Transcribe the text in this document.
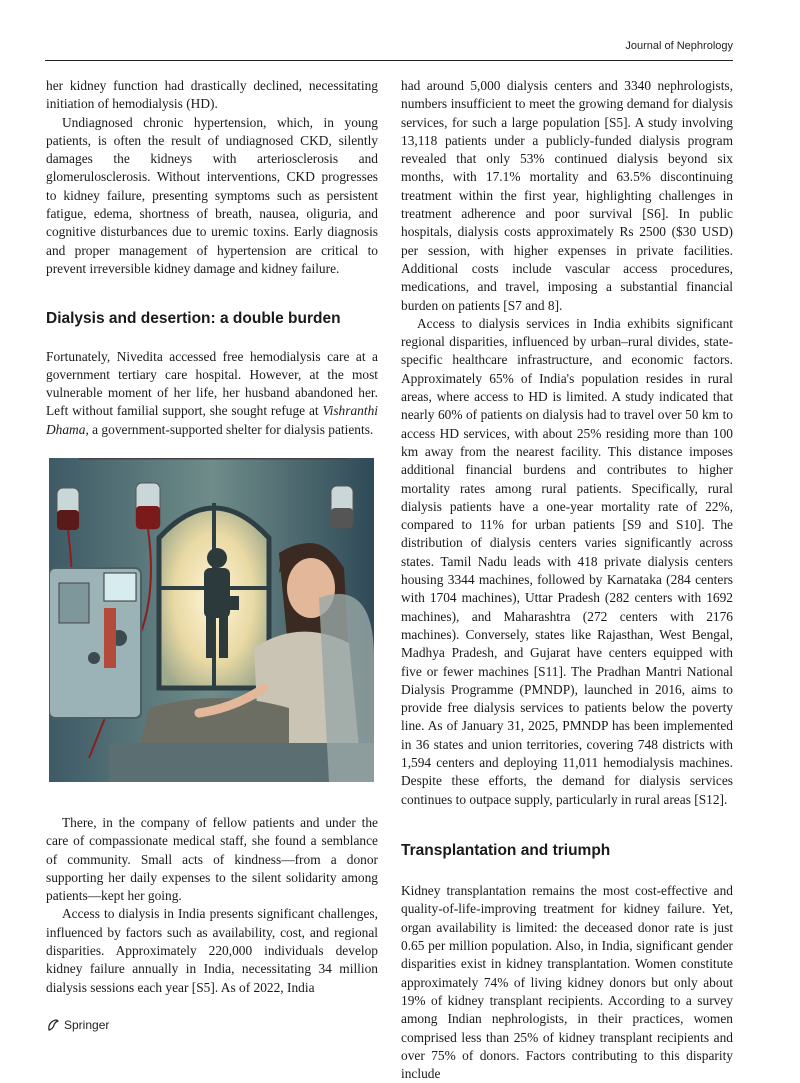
Journal of Nephrology

her kidney function had drastically declined, necessitating initiation of hemodialysis (HD).

Undiagnosed chronic hypertension, which, in young patients, is often the result of undiagnosed CKD, silently damages the kidneys with arteriosclerosis and glomerulosclerosis. Without interventions, CKD progresses to kidney failure, presenting symptoms such as persistent fatigue, edema, shortness of breath, nausea, oliguria, and cognitive disturbances due to uremic toxins. Early diagnosis and proper management of hypertension are critical to prevent irreversible kidney damage and kidney failure.

Dialysis and desertion: a double burden

Fortunately, Nivedita accessed free hemodialysis care at a government tertiary care hospital. However, at the most vulnerable moment of her life, her husband abandoned her. Left without familial support, she sought refuge at Vishranthi Dhama, a government-supported shelter for dialysis patients.

There, in the company of fellow patients and under the care of compassionate medical staff, she found a semblance of community. Small acts of kindness—from a donor supporting her daily expenses to the silent solidarity among patients—kept her going.

Access to dialysis in India presents significant challenges, influenced by factors such as availability, cost, and regional disparities. Approximately 220,000 individuals develop kidney failure annually in India, necessitating 34 million dialysis sessions each year [S5]. As of 2022, India

had around 5,000 dialysis centers and 3340 nephrologists, numbers insufficient to meet the growing demand for dialysis services, for such a large population [S5]. A study involving 13,118 patients under a publicly-funded dialysis program revealed that only 53% continued dialysis beyond six months, with 17.1% mortality and 63.5% discontinuing treatment within the first year, highlighting challenges in treatment adherence and poor survival [S6]. In public hospitals, dialysis costs approximately Rs 2500 ($30 USD) per session, with higher expenses in private facilities. Additional costs include vascular access procedures, medications, and travel, imposing a substantial financial burden on patients [S7 and 8].

Access to dialysis services in India exhibits significant regional disparities, influenced by urban–rural divides, state-specific healthcare infrastructure, and economic factors. Approximately 65% of India's population resides in rural areas, where access to HD is limited. A study indicated that nearly 60% of patients on dialysis had to travel over 50 km to access HD services, with about 25% residing more than 100 km away from the nearest facility. This distance imposes additional financial burdens and contributes to higher mortality rates among rural patients. Specifically, rural dialysis patients have a one-year mortality rate of 22%, compared to 11% for urban patients [S9 and S10]. The distribution of dialysis centers varies significantly across states. Tamil Nadu leads with 418 private dialysis centers housing 3344 machines, followed by Karnataka (284 centers with 1704 machines), Uttar Pradesh (282 centers with 1692 machines), and Maharashtra (272 centers with 2176 machines). Conversely, states like Rajasthan, West Bengal, Madhya Pradesh, and Gujarat have centers equipped with five or fewer machines [S11]. The Pradhan Mantri National Dialysis Programme (PMNDP), launched in 2016, aims to provide free dialysis services to patients below the poverty line. As of January 31, 2025, PMNDP has been implemented in 36 states and union territories, covering 748 districts with 1,594 centers and deploying 11,011 hemodialysis machines. Despite these efforts, the demand for dialysis services continues to outpace supply, particularly in rural areas [S12].

Transplantation and triumph

Kidney transplantation remains the most cost-effective and quality-of-life-improving treatment for kidney failure. Yet, organ availability is limited: the deceased donor rate is just 0.65 per million population. Also, in India, significant gender disparities exist in kidney transplantation. Women constitute approximately 74% of living kidney donors but only about 19% of kidney transplant recipients. According to a survey among Indian nephrologists, in their practices, women comprised less than 25% of kidney transplant recipients and over 75% of donors. Factors contributing to this disparity include

Springer
